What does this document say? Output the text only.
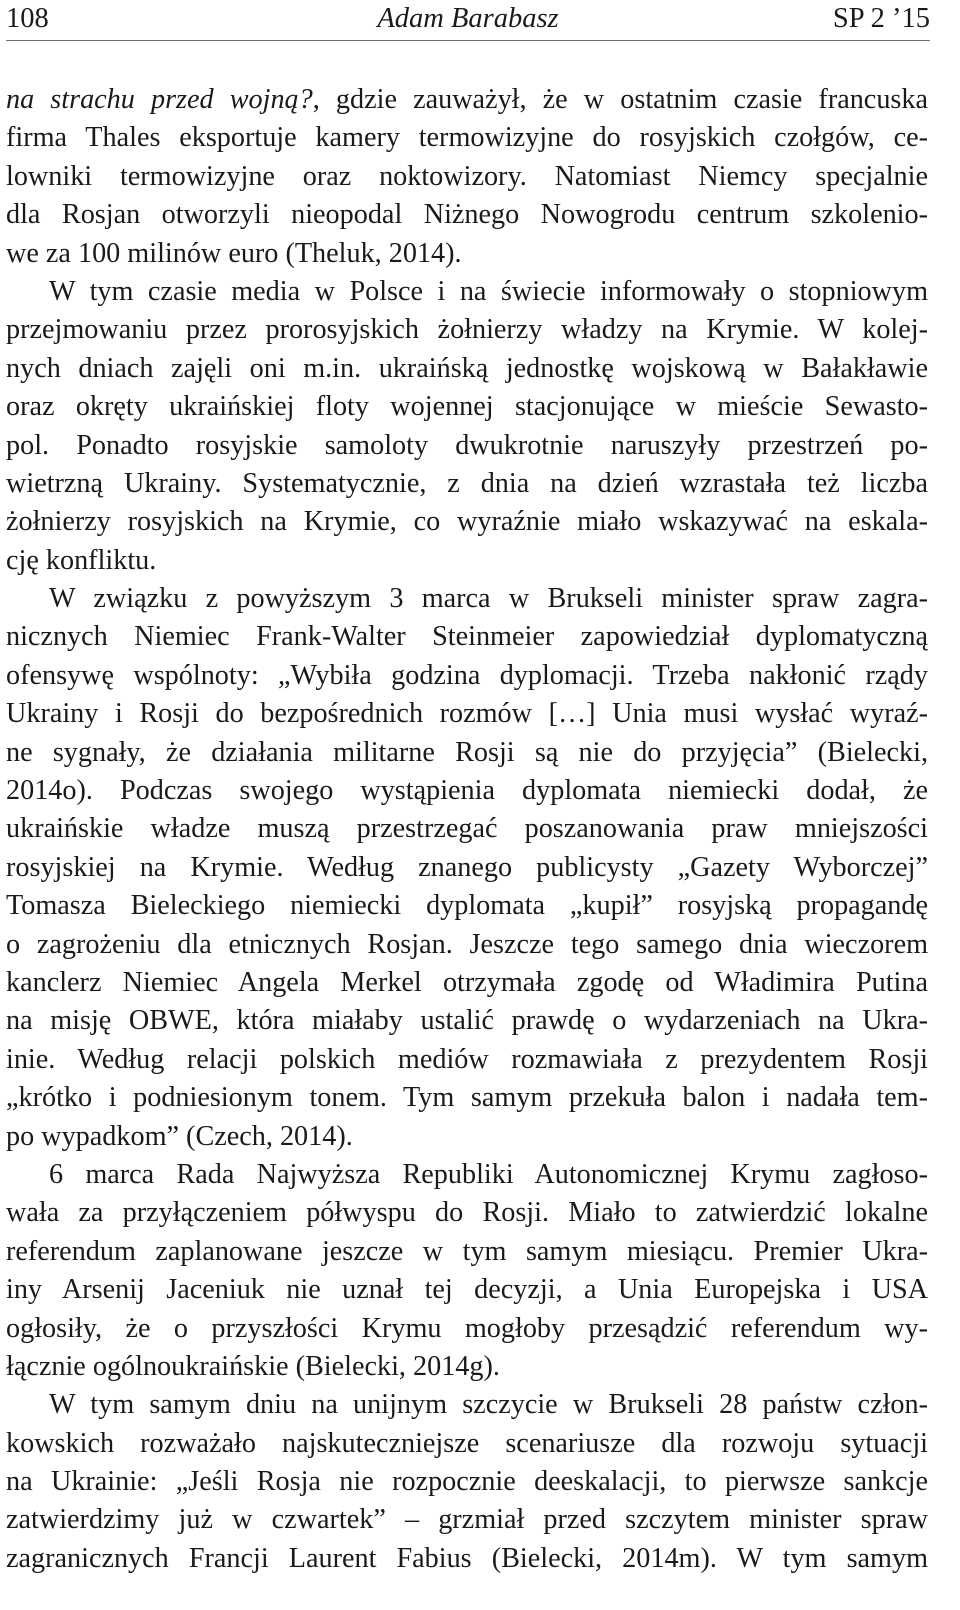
108	Adam Barabasz	SP 2 ’15
na strachu przed wojną?, gdzie zauważył, że w ostatnim czasie francuska
firma Thales eksportuje kamery termowizyjne do rosyjskich czołgów, ce-
lowniki termowizyjne oraz noktowizory. Natomiast Niemcy specjalnie
dla Rosjan otworzyli nieopodal Niżnego Nowogrodu centrum szkolenio-
we za 100 milinów euro (Theluk, 2014).
W tym czasie media w Polsce i na świecie informowały o stopniowym
przejmowaniu przez prorosyjskich żołnierzy władzy na Krymie. W kolej-
nych dniach zajęli oni m.in. ukraińską jednostkę wojskową w Bałakławie
oraz okręty ukraińskiej floty wojennej stacjonujące w mieście Sewasto-
pol. Ponadto rosyjskie samoloty dwukrotnie naruszyły przestrzeń po-
wietrzną Ukrainy. Systematycznie, z dnia na dzień wzrastała też liczba
żołnierzy rosyjskich na Krymie, co wyraźnie miało wskazywać na eskala-
cję konfliktu.
W związku z powyższym 3 marca w Brukseli minister spraw zagra-
nicznych Niemiec Frank-Walter Steinmeier zapowiedział dyplomatyczną
ofensywę wspólnoty: „Wybiła godzina dyplomacji. Trzeba nakłonić rządy
Ukrainy i Rosji do bezpośrednich rozmów […] Unia musi wysłać wyraź-
ne sygnały, że działania militarne Rosji są nie do przyjęcia” (Bielecki,
2014o). Podczas swojego wystąpienia dyplomata niemiecki dodał, że
ukraińskie władze muszą przestrzegać poszanowania praw mniejszości
rosyjskiej na Krymie. Według znanego publicysty „Gazety Wyborczej”
Tomasza Bieleckiego niemiecki dyplomata „kupił” rosyjską propagandę
o zagrożeniu dla etnicznych Rosjan. Jeszcze tego samego dnia wieczorem
kanclerz Niemiec Angela Merkel otrzymała zgodę od Władimira Putina
na misję OBWE, która miałaby ustalić prawdę o wydarzeniach na Ukra-
inie. Według relacji polskich mediów rozmawiała z prezydentem Rosji
„krótko i podniesionym tonem. Tym samym przekuła balon i nadała tem-
po wypadkom” (Czech, 2014).
6 marca Rada Najwyższa Republiki Autonomicznej Krymu zagłoso-
wała za przyłączeniem półwyspu do Rosji. Miało to zatwierdzić lokalne
referendum zaplanowane jeszcze w tym samym miesiącu. Premier Ukra-
iny Arsenij Jaceniuk nie uznał tej decyzji, a Unia Europejska i USA
ogłosiły, że o przyszłości Krymu mogłoby przesądzić referendum wy-
łącznie ogólnoukraińskie (Bielecki, 2014g).
W tym samym dniu na unijnym szczycie w Brukseli 28 państw człon-
kowskich rozważało najskuteczniejsze scenariusze dla rozwoju sytuacji
na Ukrainie: „Jeśli Rosja nie rozpocznie deeskalacji, to pierwsze sankcje
zatwierdzimy już w czwartek” – grzmiał przed szczytem minister spraw
zagranicznych Francji Laurent Fabius (Bielecki, 2014m). W tym samym
